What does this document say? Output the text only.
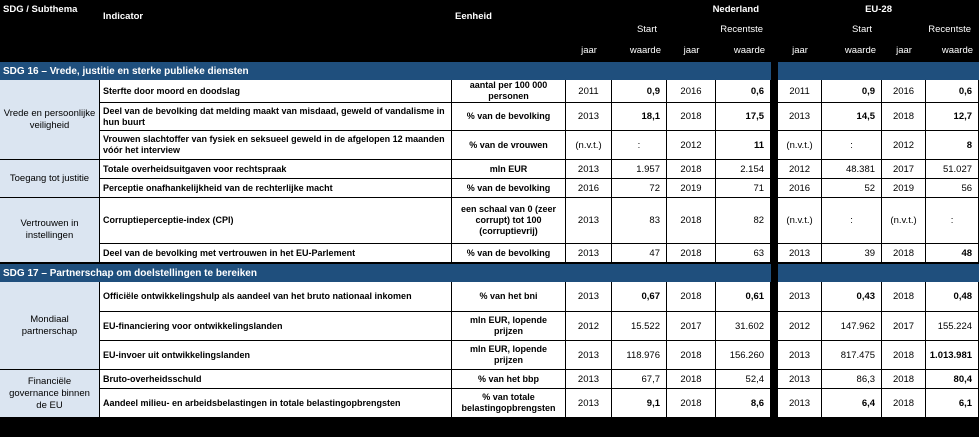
SDG / Subthema	Indicator	Eenheid	Nederland					EU-28			
			Start		Recentste			Start		Recentste	
			jaar	waarde	jaar	waarde		jaar	waarde	jaar	waarde
SDG 16 – Vrede, justitie en sterke publieke diensten											
Vrede en persoonlijke veiligheid	Sterfte door moord en doodslag	aantal per 100 000 personen	2011	0,9	2016	0,6		2011	0,9	2016	0,6
	Deel van de bevolking dat melding maakt van misdaad, geweld of vandalisme in hun buurt	% van de bevolking	2013	18,1	2018	17,5		2013	14,5	2018	12,7
	Vrouwen slachtoffer van fysiek en seksueel geweld in de afgelopen 12 maanden vóór het interview	% van de vrouwen	(n.v.t.)	:	2012	11		(n.v.t.)	:	2012	8
Toegang tot justitie	Totale overheidsuitgaven voor rechtspraak	mln EUR	2013	1.957	2018	2.154		2012	48.381	2017	51.027
	Perceptie onafhankelijkheid van de rechterlijke macht	% van de bevolking	2016	72	2019	71		2016	52	2019	56
Vertrouwen in instellingen	Corruptieperceptie-index (CPI)	een schaal van 0 (zeer corrupt) tot 100 (corruptievrij)	2013	83	2018	82		(n.v.t.)	:	(n.v.t.)	:
	Deel van de bevolking met vertrouwen in het EU-Parlement	% van de bevolking	2013	47	2018	63		2013	39	2018	48
SDG 17 – Partnerschap om doelstellingen te bereiken											
Mondiaal partnerschap	Officiële ontwikkelingshulp als aandeel van het bruto nationaal inkomen	% van het bni	2013	0,67	2018	0,61		2013	0,43	2018	0,48
	EU-financiering voor ontwikkelingslanden	mln EUR, lopende prijzen	2012	15.522	2017	31.602		2012	147.962	2017	155.224
	EU-invoer uit ontwikkelingslanden	mln EUR, lopende prijzen	2013	118.976	2018	156.260		2013	817.475	2018	1.013.981
Financiële governance binnen de EU	Bruto-overheidsschuld	% van het bbp	2013	67,7	2018	52,4		2013	86,3	2018	80,4
	Aandeel milieu- en arbeidsbelastingen in totale belastingopbrengsten	% van totale belastingopbrengsten	2013	9,1	2018	8,6		2013	6,4	2018	6,1
